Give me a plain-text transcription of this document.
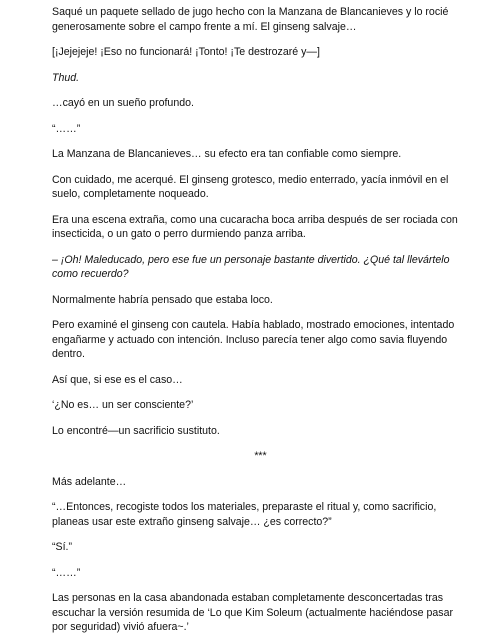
Saqué un paquete sellado de jugo hecho con la Manzana de Blancanieves y lo rocié generosamente sobre el campo frente a mí. El ginseng salvaje…

[¡Jejejeje! ¡Eso no funcionará! ¡Tonto! ¡Te destrozaré y—]

Thud.

…cayó en un sueño profundo.

“……”

La Manzana de Blancanieves… su efecto era tan confiable como siempre.

Con cuidado, me acerqué. El ginseng grotesco, medio enterrado, yacía inmóvil en el suelo, completamente noqueado.

Era una escena extraña, como una cucaracha boca arriba después de ser rociada con insecticida, o un gato o perro durmiendo panza arriba.

– ¡Oh! Maleducado, pero ese fue un personaje bastante divertido. ¿Qué tal llevártelo como recuerdo?

Normalmente habría pensado que estaba loco.

Pero examiné el ginseng con cautela. Había hablado, mostrado emociones, intentado engañarme y actuado con intención. Incluso parecía tener algo como savia fluyendo dentro.

Así que, si ese es el caso…

‘¿No es… un ser consciente?’

Lo encontré—un sacrificio sustituto.

***

Más adelante…

“…Entonces, recogiste todos los materiales, preparaste el ritual y, como sacrificio, planeas usar este extraño ginseng salvaje… ¿es correcto?”

“Sí.”

“……”

Las personas en la casa abandonada estaban completamente desconcertadas tras escuchar la versión resumida de ‘Lo que Kim Soleum (actualmente haciéndose pasar por seguridad) vivió afuera~.’
